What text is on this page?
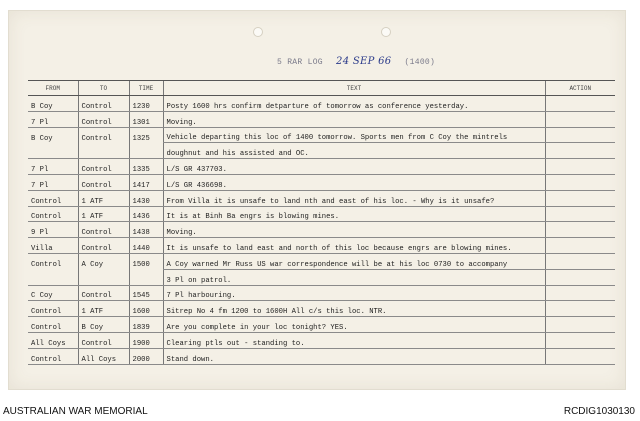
5 RAR LOG 24 SEP 66 (1400)
FROM	TO	TIME	TEXT	ACTION
B Coy	Control	1230	Posty 1600 hrs confirm detparture of tomorrow as conference yesterday.	
7 Pl	Control	1301	Moving.	
B Coy	Control	1325	Vehicle departing this loc of 1400 tomorrow. Sports men from C Coy the mintrels	
			doughnut and his assisted and OC.	
7 Pl	Control	1335	L/S GR 437703.	
7 Pl	Control	1417	L/S GR 436698.	
Control	1 ATF	1430	From Villa it is unsafe to land nth and east of his loc. - Why is it unsafe?	
Control	1 ATF	1436	It is at Binh Ba engrs is blowing mines.	
9 Pl	Control	1438	Moving.	
Villa	Control	1440	It is unsafe to land east and north of this loc because engrs are blowing mines.	
Control	A Coy	1500	A Coy warned Mr Russ US war correspondence will be at his loc 0730 to accompany	
			3 Pl on patrol.	
C Coy	Control	1545	7 Pl harbouring.	
Control	1 ATF	1600	Sitrep No 4 fm 1200 to 1600H All c/s this loc. NTR.	
Control	B Coy	1839	Are you complete in your loc tonight? YES.	
All Coys	Control	1900	Clearing ptls out - standing to.	
Control	All Coys	2000	Stand down.	
AUSTRALIAN WAR MEMORIAL	RCDIG1030130
